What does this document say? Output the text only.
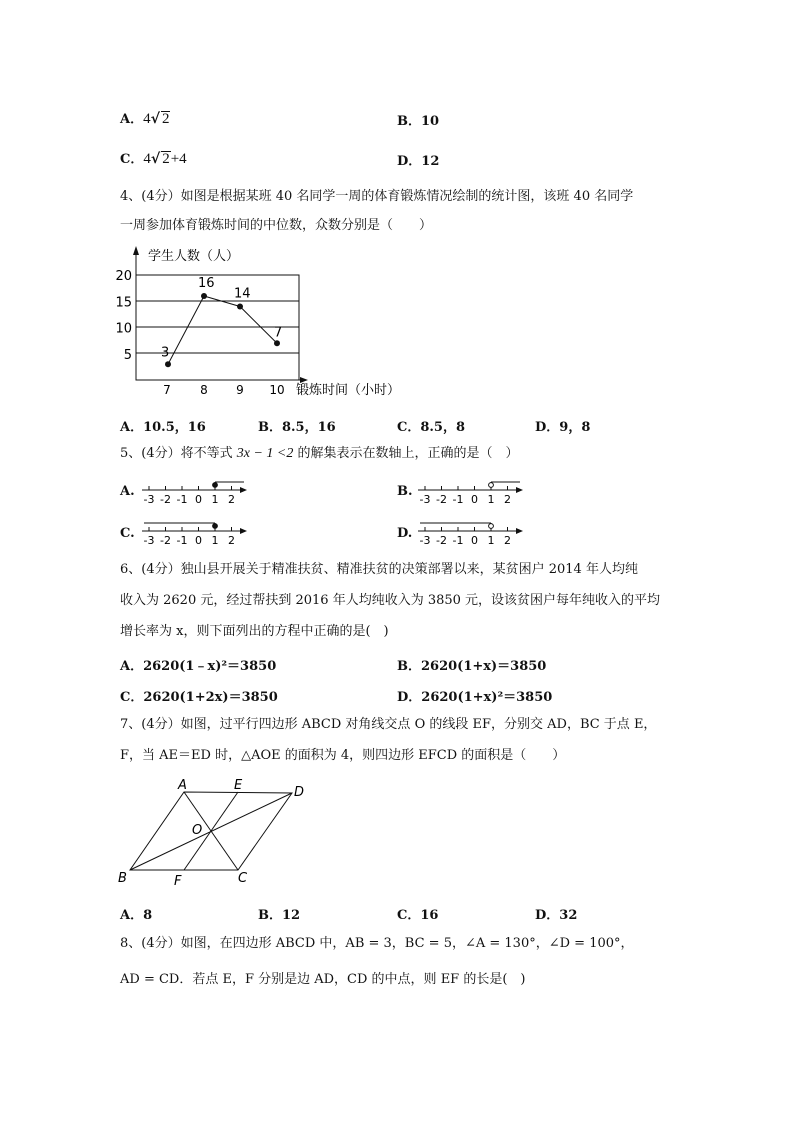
A．4√ 2	B．10
C．4√ 2+4	D．12
4、(4分）如图是根据某班 40 名同学一周的体育锻炼情况绘制的统计图，该班 40 名同学
一周参加体育锻炼时间的中位数，众数分别是（　　）
学生人数（人）
锻炼时间（小时）
5
10
15
20
7 8 9 10
3
16
14
7
A．10.5，16	B．8.5，16	C．8.5，8	D．9，8
5、(4分）将不等式 3x − 1 <2 的解集表示在数轴上，正确的是（　）
A.	B.
C.	D.
-3 -2 -1 0 1 2	-3 -2 -1 0 1 2
-3 -2 -1 0 1 2	-3 -2 -1 0 1 2
6、(4分）独山县开展关于精准扶贫、精准扶贫的决策部署以来，某贫困户 2014 年人均纯
收入为 2620 元，经过帮扶到 2016 年人均纯收入为 3850 元，设该贫困户每年纯收入的平均
增长率为 x，则下面列出的方程中正确的是(　)
A．2620(1﹣x)²＝3850	B．2620(1+x)＝3850
C．2620(1+2x)＝3850	D．2620(1+x)²＝3850
7、(4分）如图，过平行四边形 ABCD 对角线交点 O 的线段 EF，分别交 AD，BC 于点 E，
F，当 AE＝ED 时，△AOE 的面积为 4，则四边形 EFCD 的面积是（　　）
A	E	D
O
B	F	C
A．8	B．12	C．16	D．32
8、(4分）如图，在四边形 ABCD 中，AB = 3，BC = 5，∠A = 130°，∠D = 100°，
AD = CD．若点 E，F 分别是边 AD，CD 的中点，则 EF 的长是(　)
